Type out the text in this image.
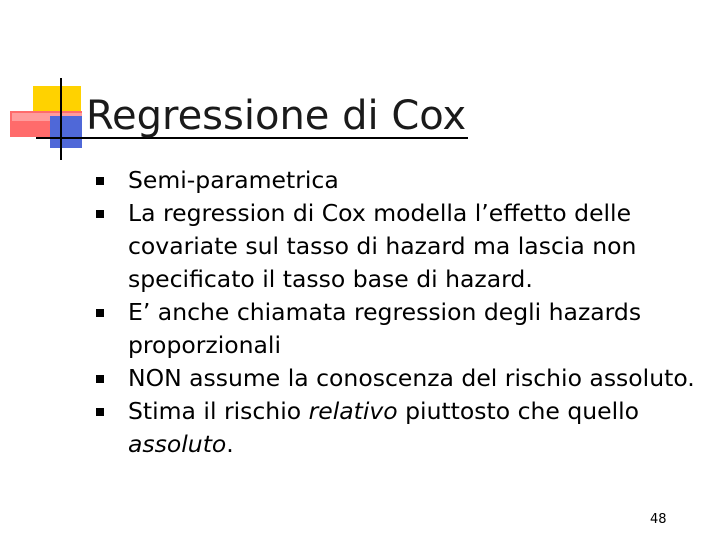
Regressione di Cox
Semi-parametrica
La regression di Cox modella l’effetto delle covariate sul tasso di hazard ma lascia non specificato il tasso base di hazard.
E’ anche chiamata regression degli hazards proporzionali
NON assume la conoscenza del rischio assoluto.
Stima il rischio relativo piuttosto che quello assoluto.
48
